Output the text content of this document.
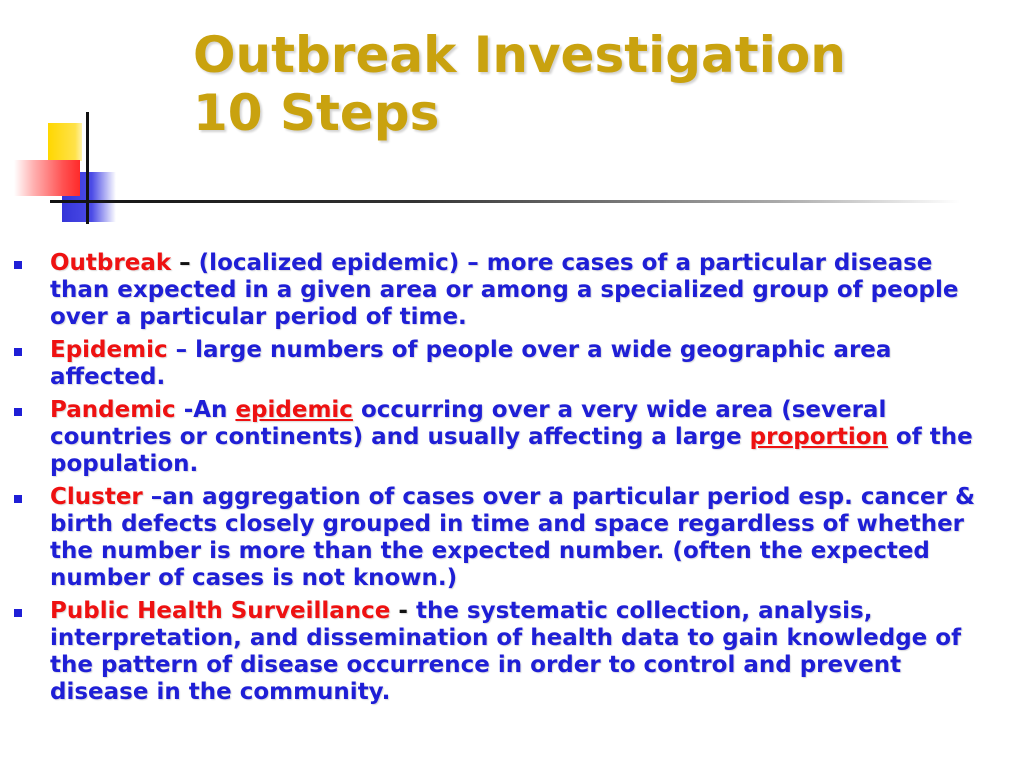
Outbreak Investigation
10 Steps
Outbreak – (localized epidemic) – more cases of a particular disease than expected in a given area or among a specialized group of people over a particular period of time.
Epidemic – large numbers of people over a wide geographic area affected.
Pandemic -An epidemic occurring over a very wide area (several countries or continents) and usually affecting a large proportion of the population.
Cluster –an aggregation of cases over a particular period esp. cancer & birth defects closely grouped in time and space regardless of whether the number is more than the expected number. (often the expected number of cases is not known.)
Public Health Surveillance - the systematic collection, analysis, interpretation, and dissemination of health data to gain knowledge of the pattern of disease occurrence in order to control and prevent disease in the community.
